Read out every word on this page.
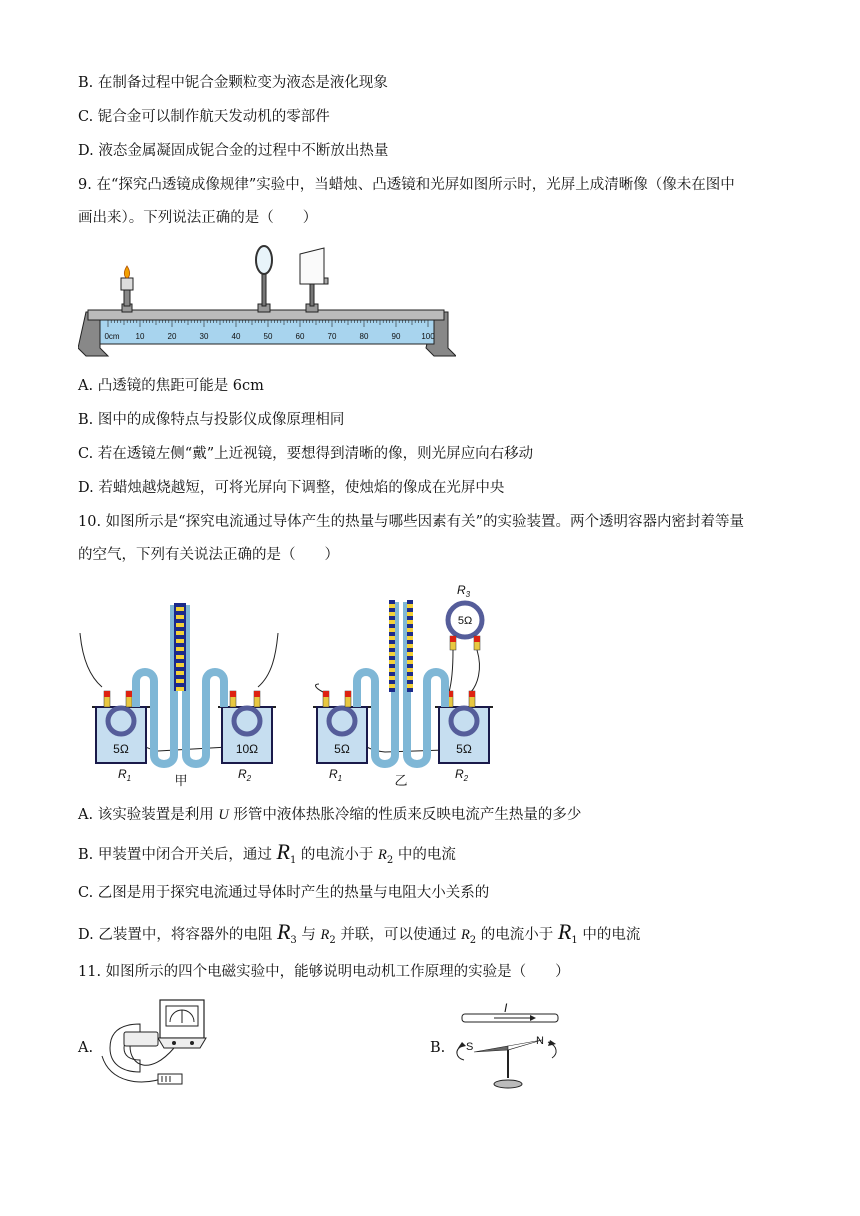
B. 在制备过程中铌合金颗粒变为液态是液化现象
C. 铌合金可以制作航天发动机的零部件
D. 液态金属凝固成铌合金的过程中不断放出热量
9. 在“探究凸透镜成像规律”实验中，当蜡烛、凸透镜和光屏如图所示时，光屏上成清晰像（像未在图中
画出来）。下列说法正确的是（　　）
0cm 10	20	30	40	50	60	70	80	90	100
A. 凸透镜的焦距可能是 6cm
B. 图中的成像特点与投影仪成像原理相同
C. 若在透镜左侧“戴”上近视镜，要想得到清晰的像，则光屏应向右移动
D. 若蜡烛越烧越短，可将光屏向下调整，使烛焰的像成在光屏中央
10. 如图所示是“探究电流通过导体产生的热量与哪些因素有关”的实验装置。两个透明容器内密封着等量
的空气，下列有关说法正确的是（　　）
5Ω	10Ω
甲
$R_1$	$R_2$
$R_3$
5Ω
5Ω	5Ω
乙
$R_1$	$R_2$
A. 该实验装置是利用 U 形管中液体热胀冷缩的性质来反映电流产生热量的多少
B. 甲装置中闭合开关后，通过 $R_1$ 的电流小于 $R_2$ 中的电流
C. 乙图是用于探究电流通过导体时产生的热量与电阻大小关系的
D. 乙装置中，将容器外的电阻 $R_3$ 与 $R_2$ 并联，可以使通过 $R_2$ 的电流小于 $R_1$ 中的电流
11. 如图所示的四个电磁实验中，能够说明电动机工作原理的实验是（　　）
A.	B.
I
S	N
